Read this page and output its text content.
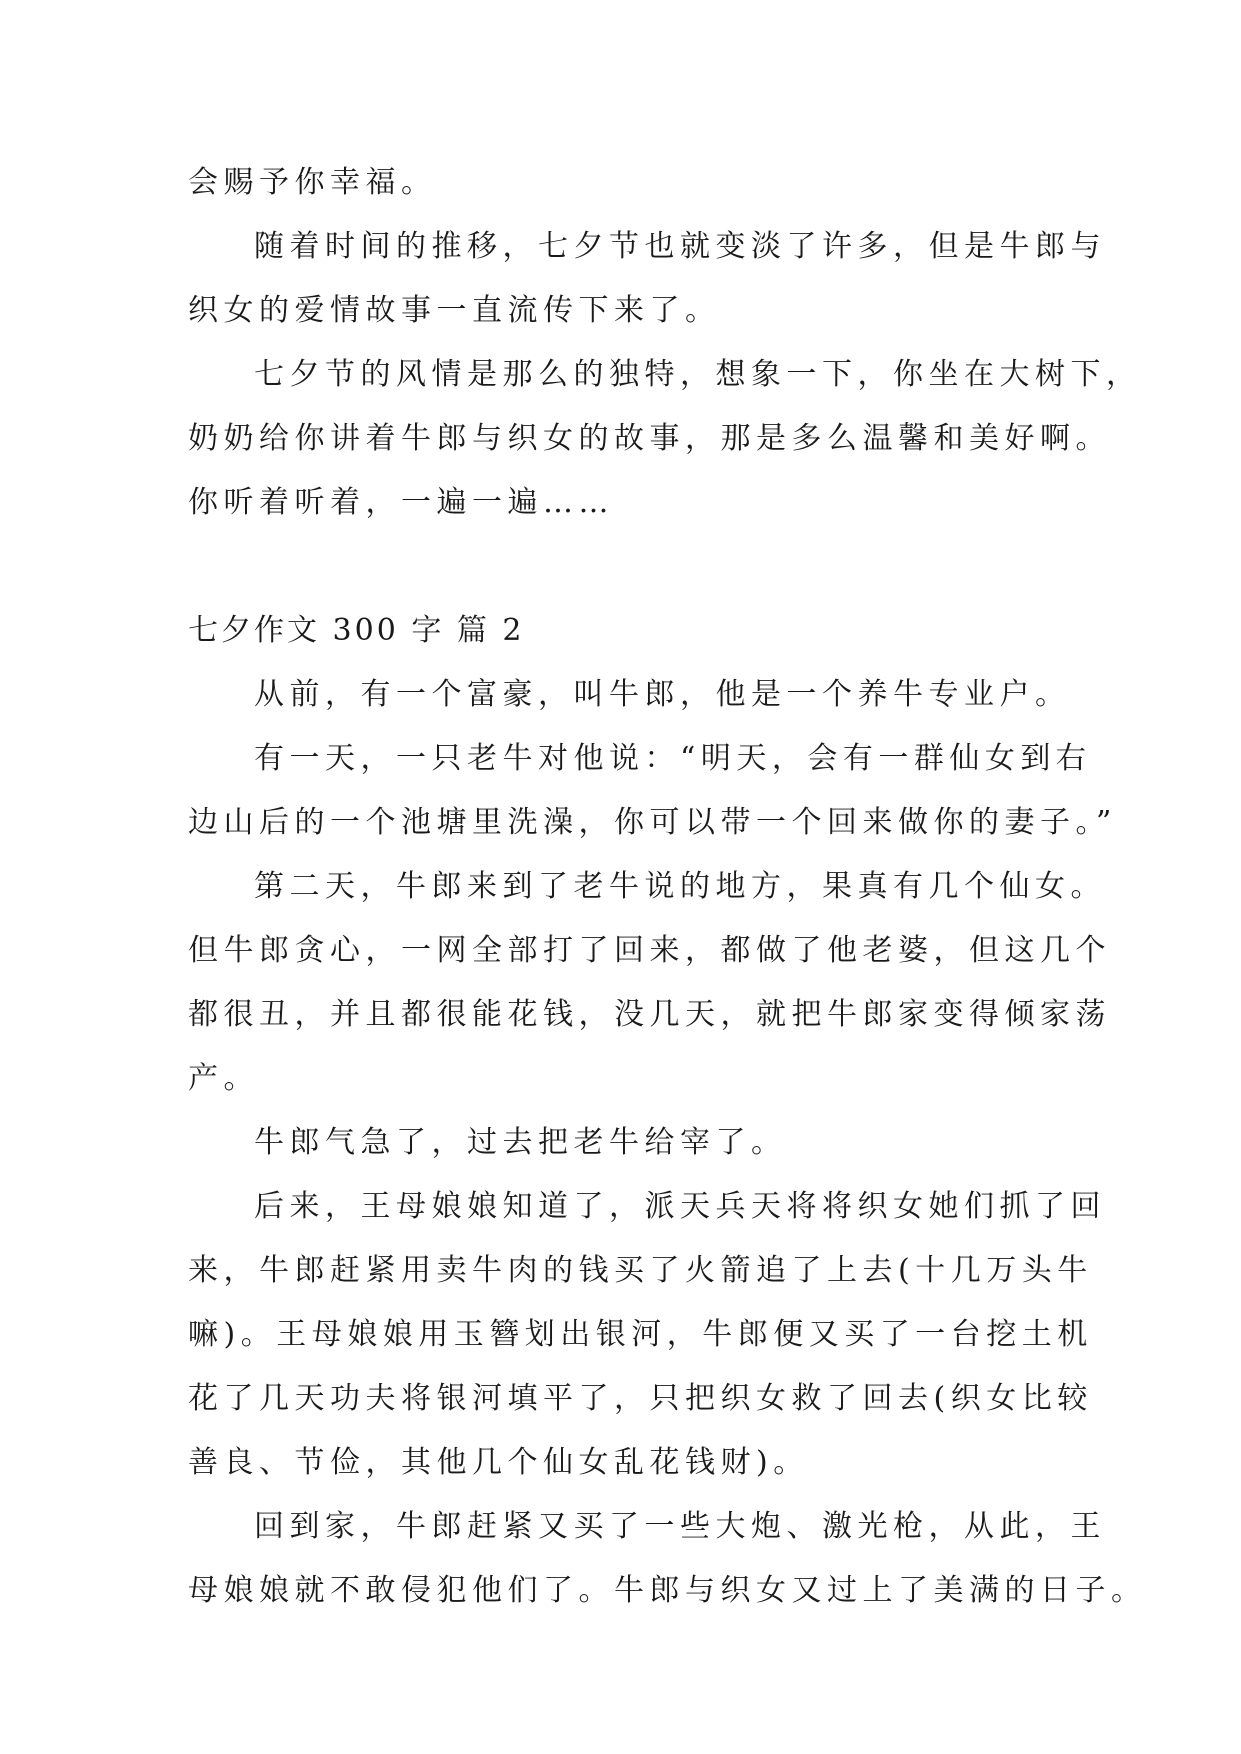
会赐予你幸福。
随着时间的推移，七夕节也就变淡了许多，但是牛郎与
织女的爱情故事一直流传下来了。
七夕节的风情是那么的独特，想象一下，你坐在大树下，
奶奶给你讲着牛郎与织女的故事，那是多么温馨和美好啊。
你听着听着，一遍一遍……
七夕作文 300 字 篇 2
从前，有一个富豪，叫牛郎，他是一个养牛专业户。
有一天，一只老牛对他说：“明天，会有一群仙女到右
边山后的一个池塘里洗澡，你可以带一个回来做你的妻子。”
第二天，牛郎来到了老牛说的地方，果真有几个仙女。
但牛郎贪心，一网全部打了回来，都做了他老婆，但这几个
都很丑，并且都很能花钱，没几天，就把牛郎家变得倾家荡
产。
牛郎气急了，过去把老牛给宰了。
后来，王母娘娘知道了，派天兵天将将织女她们抓了回
来，牛郎赶紧用卖牛肉的钱买了火箭追了上去(十几万头牛
嘛)。王母娘娘用玉簪划出银河，牛郎便又买了一台挖土机
花了几天功夫将银河填平了，只把织女救了回去(织女比较
善良、节俭，其他几个仙女乱花钱财)。
回到家，牛郎赶紧又买了一些大炮、激光枪，从此，王
母娘娘就不敢侵犯他们了。牛郎与织女又过上了美满的日子。
